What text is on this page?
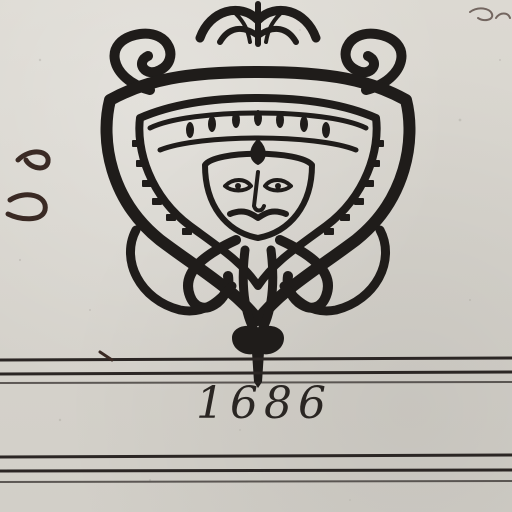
1686
